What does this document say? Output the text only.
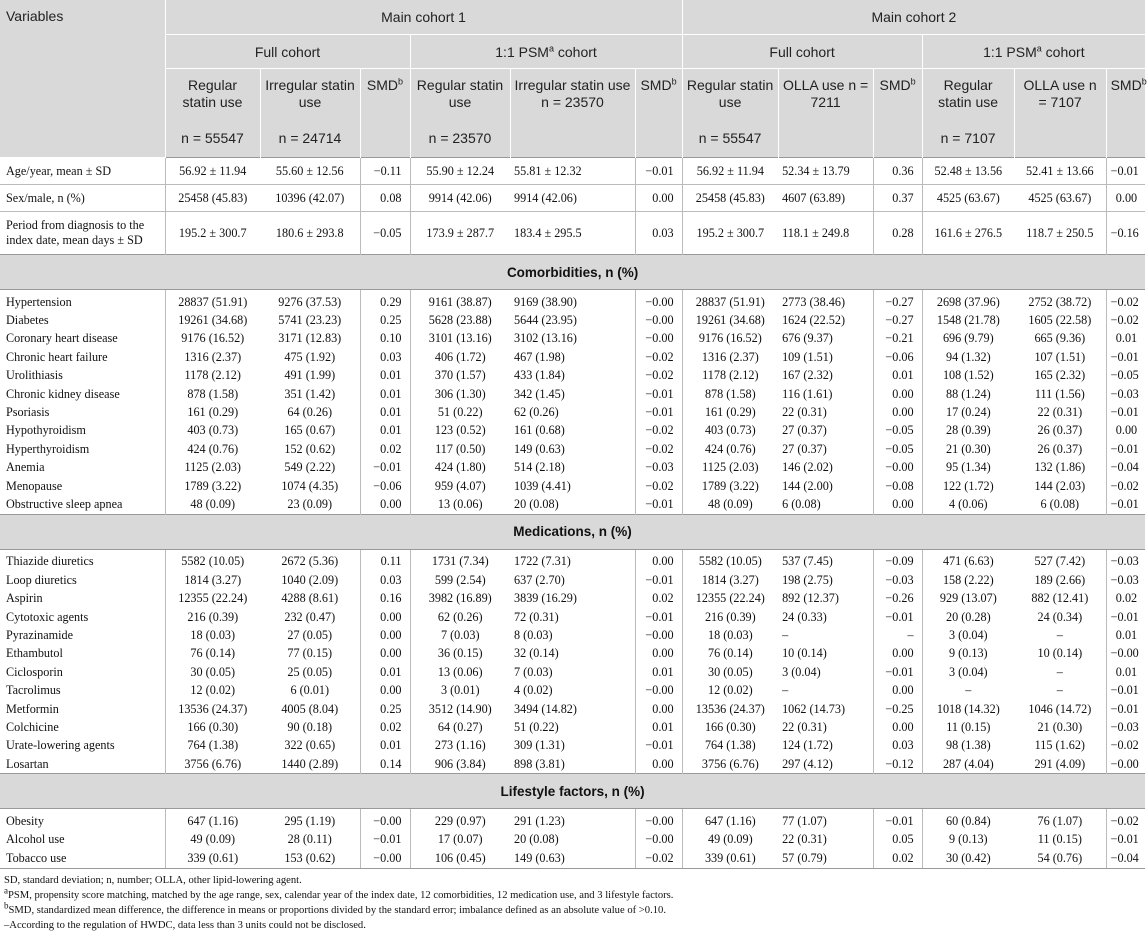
Variables	Main cohort 1						Main cohort 2					
	Full cohort			1:1 PSM$^a$ cohort			Full cohort			1:1 PSM$^a$ cohort		
	Regular statin use	Irregular statin use	SMD$^b$	Regular statin use	Irregular statin use n = 23570	SMD$^b$	Regular statin use	OLLA use n = 7211	SMD$^b$	Regular statin use	OLLA use n = 7107	SMD$^b$
	n = 55547	n = 24714		n = 23570			n = 55547			n = 7107		
Age/year, mean ± SD	56.92 ± 11.94	55.60 ± 12.56	−0.11	55.90 ± 12.24	55.81 ± 12.32	−0.01	56.92 ± 11.94	52.34 ± 13.79	0.36	52.48 ± 13.56	52.41 ± 13.66	−0.01
Sex/male, n (%)	25458 (45.83)	10396 (42.07)	0.08	9914 (42.06)	9914 (42.06)	0.00	25458 (45.83)	4607 (63.89)	0.37	4525 (63.67)	4525 (63.67)	0.00
Period from diagnosis to the index date, mean days ± SD	195.2 ± 300.7	180.6 ± 293.8	−0.05	173.9 ± 287.7	183.4 ± 295.5	0.03	195.2 ± 300.7	118.1 ± 249.8	0.28	161.6 ± 276.5	118.7 ± 250.5	−0.16
Comorbidities, n (%)												
Hypertension	28837 (51.91)	9276 (37.53)	0.29	9161 (38.87)	9169 (38.90)	−0.00	28837 (51.91)	2773 (38.46)	−0.27	2698 (37.96)	2752 (38.72)	−0.02
Diabetes	19261 (34.68)	5741 (23.23)	0.25	5628 (23.88)	5644 (23.95)	−0.00	19261 (34.68)	1624 (22.52)	−0.27	1548 (21.78)	1605 (22.58)	−0.02
Coronary heart disease	9176 (16.52)	3171 (12.83)	0.10	3101 (13.16)	3102 (13.16)	−0.00	9176 (16.52)	676 (9.37)	−0.21	696 (9.79)	665 (9.36)	0.01
Chronic heart failure	1316 (2.37)	475 (1.92)	0.03	406 (1.72)	467 (1.98)	−0.02	1316 (2.37)	109 (1.51)	−0.06	94 (1.32)	107 (1.51)	−0.01
Urolithiasis	1178 (2.12)	491 (1.99)	0.01	370 (1.57)	433 (1.84)	−0.02	1178 (2.12)	167 (2.32)	0.01	108 (1.52)	165 (2.32)	−0.05
Chronic kidney disease	878 (1.58)	351 (1.42)	0.01	306 (1.30)	342 (1.45)	−0.01	878 (1.58)	116 (1.61)	0.00	88 (1.24)	111 (1.56)	−0.03
Psoriasis	161 (0.29)	64 (0.26)	0.01	51 (0.22)	62 (0.26)	−0.01	161 (0.29)	22 (0.31)	0.00	17 (0.24)	22 (0.31)	−0.01
Hypothyroidism	403 (0.73)	165 (0.67)	0.01	123 (0.52)	161 (0.68)	−0.02	403 (0.73)	27 (0.37)	−0.05	28 (0.39)	26 (0.37)	0.00
Hyperthyroidism	424 (0.76)	152 (0.62)	0.02	117 (0.50)	149 (0.63)	−0.02	424 (0.76)	27 (0.37)	−0.05	21 (0.30)	26 (0.37)	−0.01
Anemia	1125 (2.03)	549 (2.22)	−0.01	424 (1.80)	514 (2.18)	−0.03	1125 (2.03)	146 (2.02)	−0.00	95 (1.34)	132 (1.86)	−0.04
Menopause	1789 (3.22)	1074 (4.35)	−0.06	959 (4.07)	1039 (4.41)	−0.02	1789 (3.22)	144 (2.00)	−0.08	122 (1.72)	144 (2.03)	−0.02
Obstructive sleep apnea	48 (0.09)	23 (0.09)	0.00	13 (0.06)	20 (0.08)	−0.01	48 (0.09)	6 (0.08)	0.00	4 (0.06)	6 (0.08)	−0.01
Medications, n (%)												
Thiazide diuretics	5582 (10.05)	2672 (5.36)	0.11	1731 (7.34)	1722 (7.31)	0.00	5582 (10.05)	537 (7.45)	−0.09	471 (6.63)	527 (7.42)	−0.03
Loop diuretics	1814 (3.27)	1040 (2.09)	0.03	599 (2.54)	637 (2.70)	−0.01	1814 (3.27)	198 (2.75)	−0.03	158 (2.22)	189 (2.66)	−0.03
Aspirin	12355 (22.24)	4288 (8.61)	0.16	3982 (16.89)	3839 (16.29)	0.02	12355 (22.24)	892 (12.37)	−0.26	929 (13.07)	882 (12.41)	0.02
Cytotoxic agents	216 (0.39)	232 (0.47)	0.00	62 (0.26)	72 (0.31)	−0.01	216 (0.39)	24 (0.33)	−0.01	20 (0.28)	24 (0.34)	−0.01
Pyrazinamide	18 (0.03)	27 (0.05)	0.00	7 (0.03)	8 (0.03)	−0.00	18 (0.03)	–	–	3 (0.04)	–	0.01
Ethambutol	76 (0.14)	77 (0.15)	0.00	36 (0.15)	32 (0.14)	0.00	76 (0.14)	10 (0.14)	0.00	9 (0.13)	10 (0.14)	−0.00
Ciclosporin	30 (0.05)	25 (0.05)	0.01	13 (0.06)	7 (0.03)	0.01	30 (0.05)	3 (0.04)	−0.01	3 (0.04)	–	0.01
Tacrolimus	12 (0.02)	6 (0.01)	0.00	3 (0.01)	4 (0.02)	−0.00	12 (0.02)	–	0.00	–	–	−0.01
Metformin	13536 (24.37)	4005 (8.04)	0.25	3512 (14.90)	3494 (14.82)	0.00	13536 (24.37)	1062 (14.73)	−0.25	1018 (14.32)	1046 (14.72)	−0.01
Colchicine	166 (0.30)	90 (0.18)	0.02	64 (0.27)	51 (0.22)	0.01	166 (0.30)	22 (0.31)	0.00	11 (0.15)	21 (0.30)	−0.03
Urate-lowering agents	764 (1.38)	322 (0.65)	0.01	273 (1.16)	309 (1.31)	−0.01	764 (1.38)	124 (1.72)	0.03	98 (1.38)	115 (1.62)	−0.02
Losartan	3756 (6.76)	1440 (2.89)	0.14	906 (3.84)	898 (3.81)	0.00	3756 (6.76)	297 (4.12)	−0.12	287 (4.04)	291 (4.09)	−0.00
Lifestyle factors, n (%)												
Obesity	647 (1.16)	295 (1.19)	−0.00	229 (0.97)	291 (1.23)	−0.00	647 (1.16)	77 (1.07)	−0.01	60 (0.84)	76 (1.07)	−0.02
Alcohol use	49 (0.09)	28 (0.11)	−0.01	17 (0.07)	20 (0.08)	−0.00	49 (0.09)	22 (0.31)	0.05	9 (0.13)	11 (0.15)	−0.01
Tobacco use	339 (0.61)	153 (0.62)	−0.00	106 (0.45)	149 (0.63)	−0.02	339 (0.61)	57 (0.79)	0.02	30 (0.42)	54 (0.76)	−0.04
SD, standard deviation; n, number; OLLA, other lipid-lowering agent.
$^a$PSM, propensity score matching, matched by the age range, sex, calendar year of the index date, 12 comorbidities, 12 medication use, and 3 lifestyle factors.
$^b$SMD, standardized mean difference, the difference in means or proportions divided by the standard error; imbalance defined as an absolute value of >0.10.
–According to the regulation of HWDC, data less than 3 units could not be disclosed.
